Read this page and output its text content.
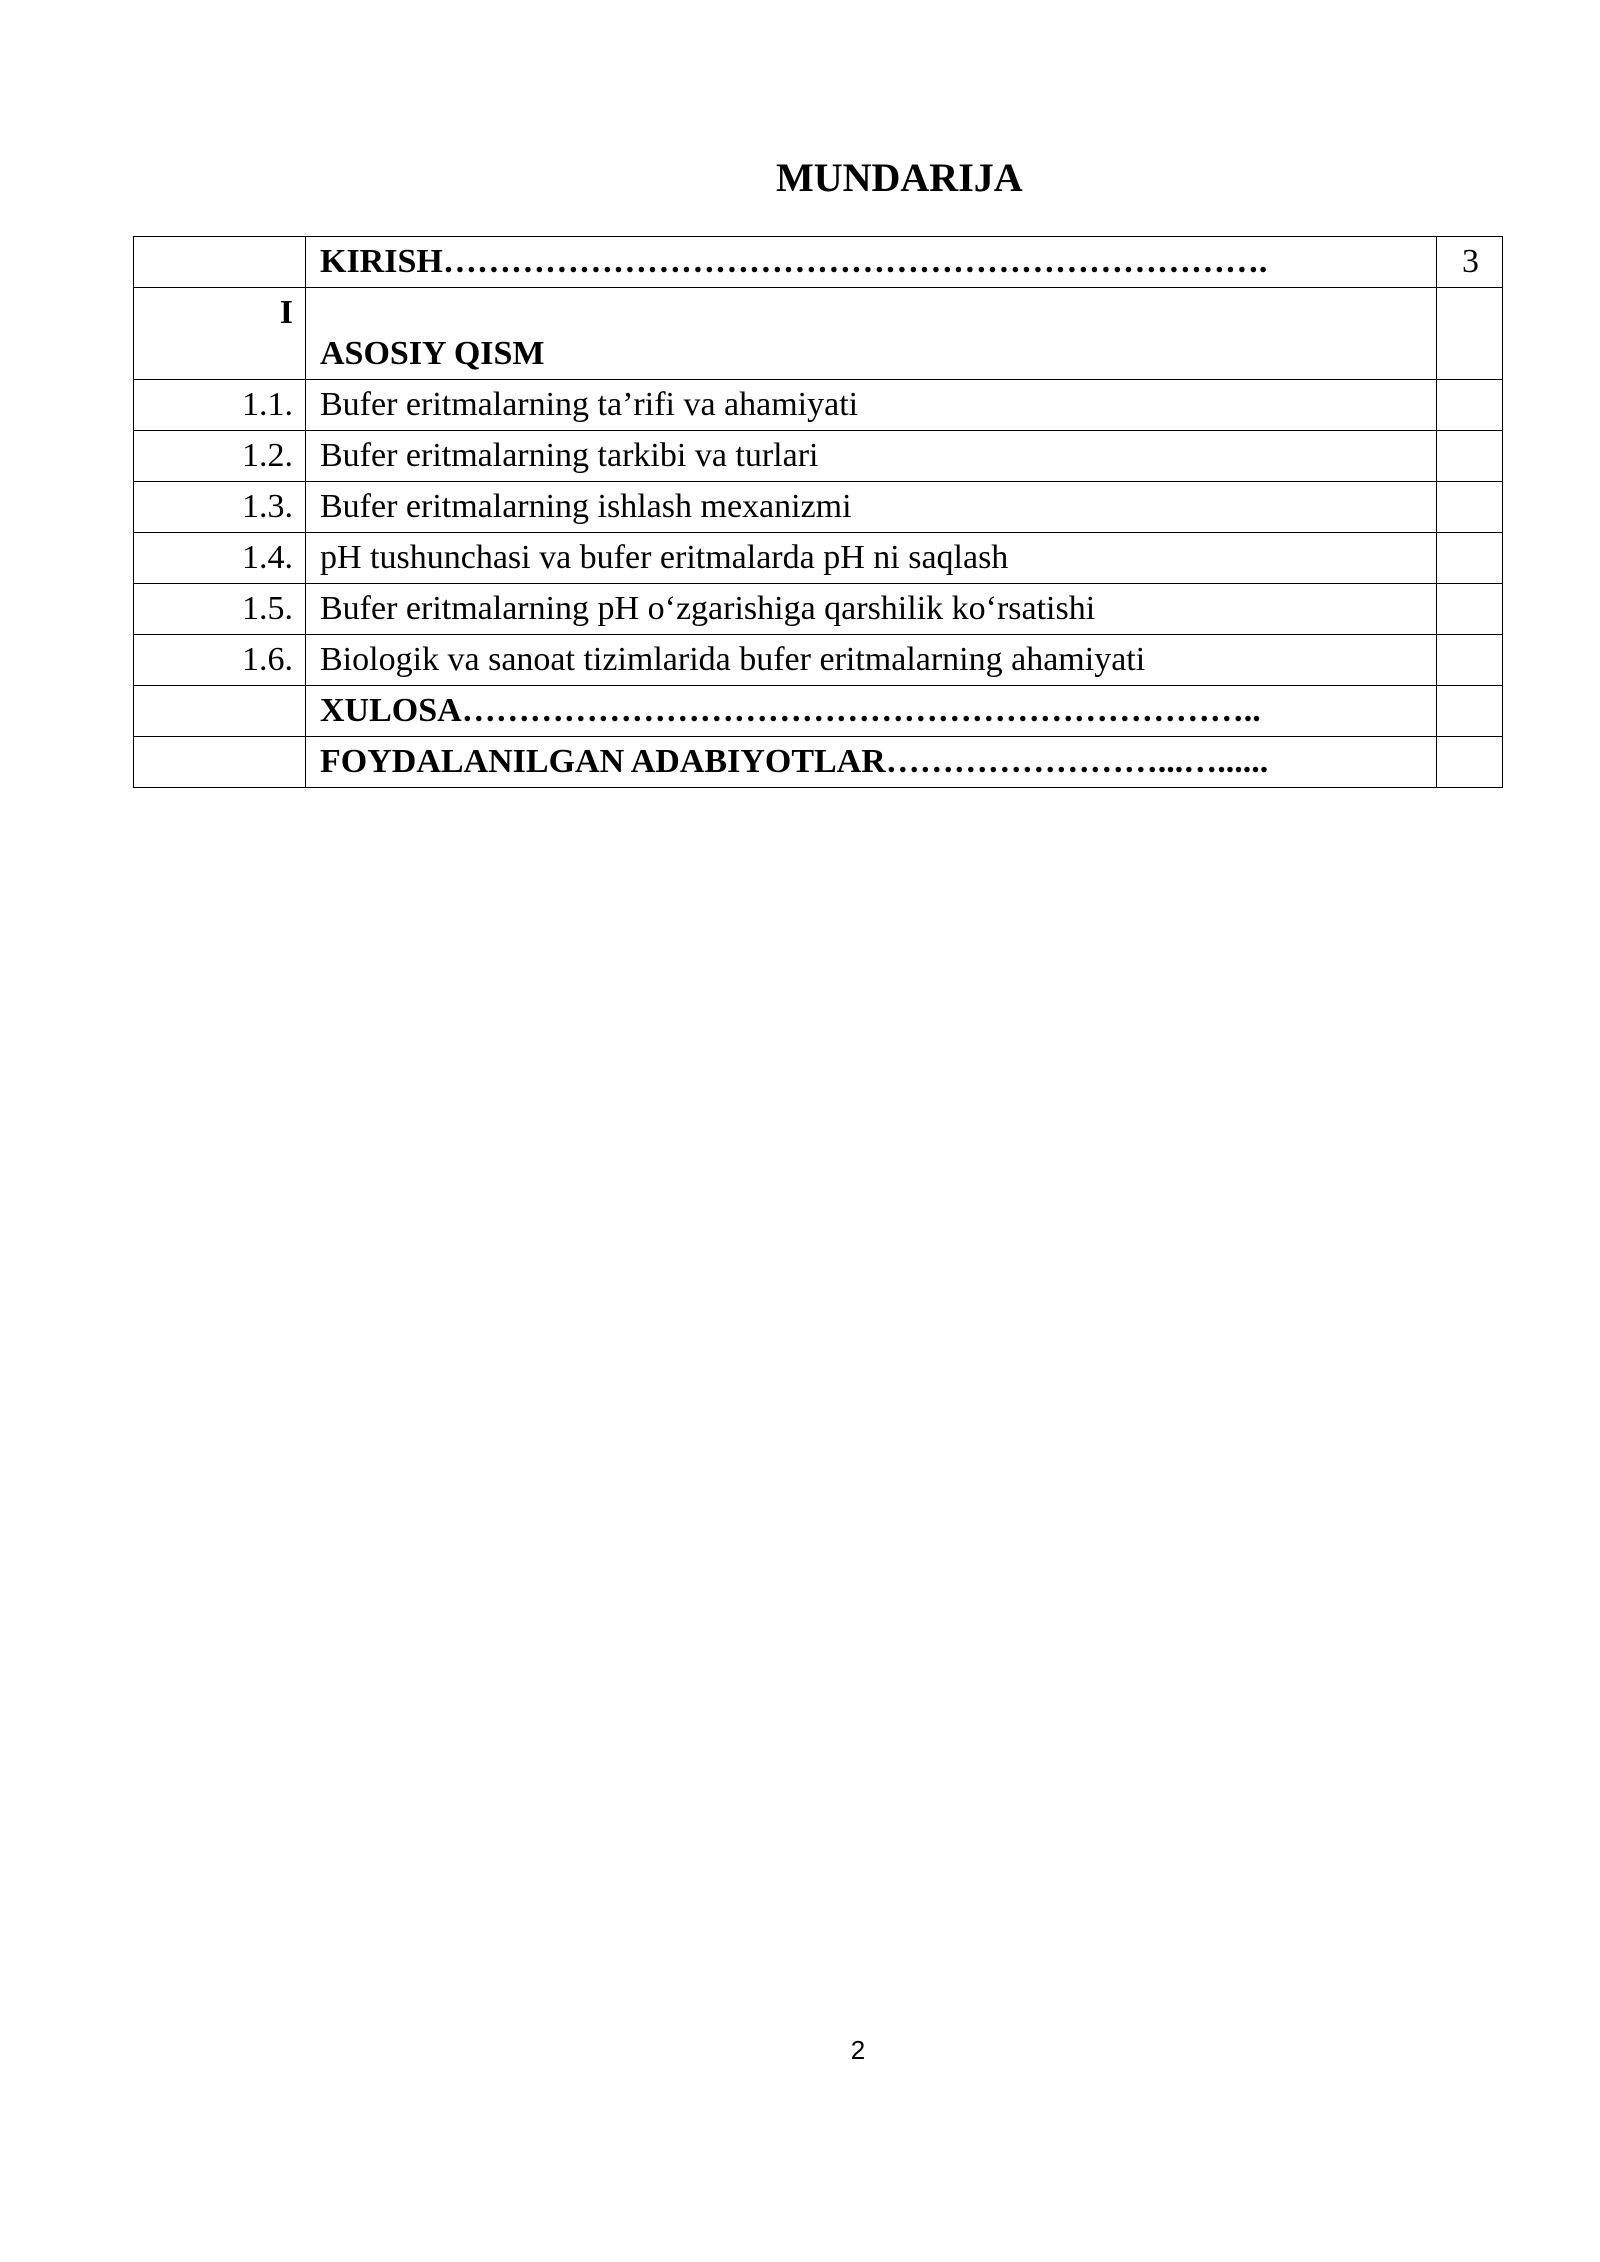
MUNDARIJA
	KIRISH……………………………………………………………….	3
I	ASOSIY QISM	
1.1.	Bufer eritmalarning ta’rifi va ahamiyati	
1.2.	Bufer eritmalarning tarkibi va turlari	
1.3.	Bufer eritmalarning ishlash mexanizmi	
1.4.	pH tushunchasi va bufer eritmalarda pH ni saqlash	
1.5.	Bufer eritmalarning pH o‘zgarishiga qarshilik ko‘rsatishi	
1.6.	Biologik va sanoat tizimlarida bufer eritmalarning ahamiyati	
	XULOSA……………………………………………………………..	
	FOYDALANILGAN ADABIYOTLAR……………………...…......	
2
